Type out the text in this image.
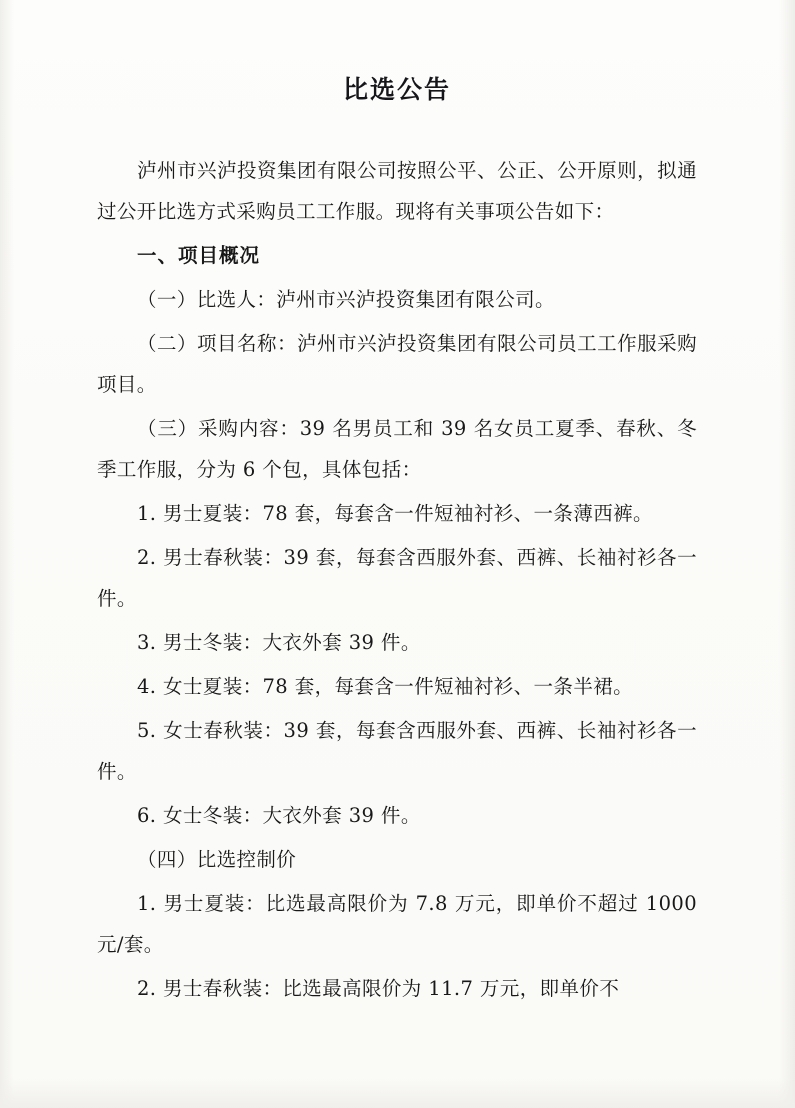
比选公告

泸州市兴泸投资集团有限公司按照公平、公正、公开原则，拟通过公开比选方式采购员工工作服。现将有关事项公告如下：

一、项目概况

（一）比选人：泸州市兴泸投资集团有限公司。

（二）项目名称：泸州市兴泸投资集团有限公司员工工作服采购项目。

（三）采购内容：39 名男员工和 39 名女员工夏季、春秋、冬季工作服，分为 6 个包，具体包括：

1. 男士夏装：78 套，每套含一件短袖衬衫、一条薄西裤。

2. 男士春秋装：39 套，每套含西服外套、西裤、长袖衬衫各一件。

3. 男士冬装：大衣外套 39 件。

4. 女士夏装：78 套，每套含一件短袖衬衫、一条半裙。

5. 女士春秋装：39 套，每套含西服外套、西裤、长袖衬衫各一件。

6. 女士冬装：大衣外套 39 件。

（四）比选控制价

1. 男士夏装：比选最高限价为 7.8 万元，即单价不超过 1000 元/套。

2. 男士春秋装：比选最高限价为 11.7 万元，即单价不
